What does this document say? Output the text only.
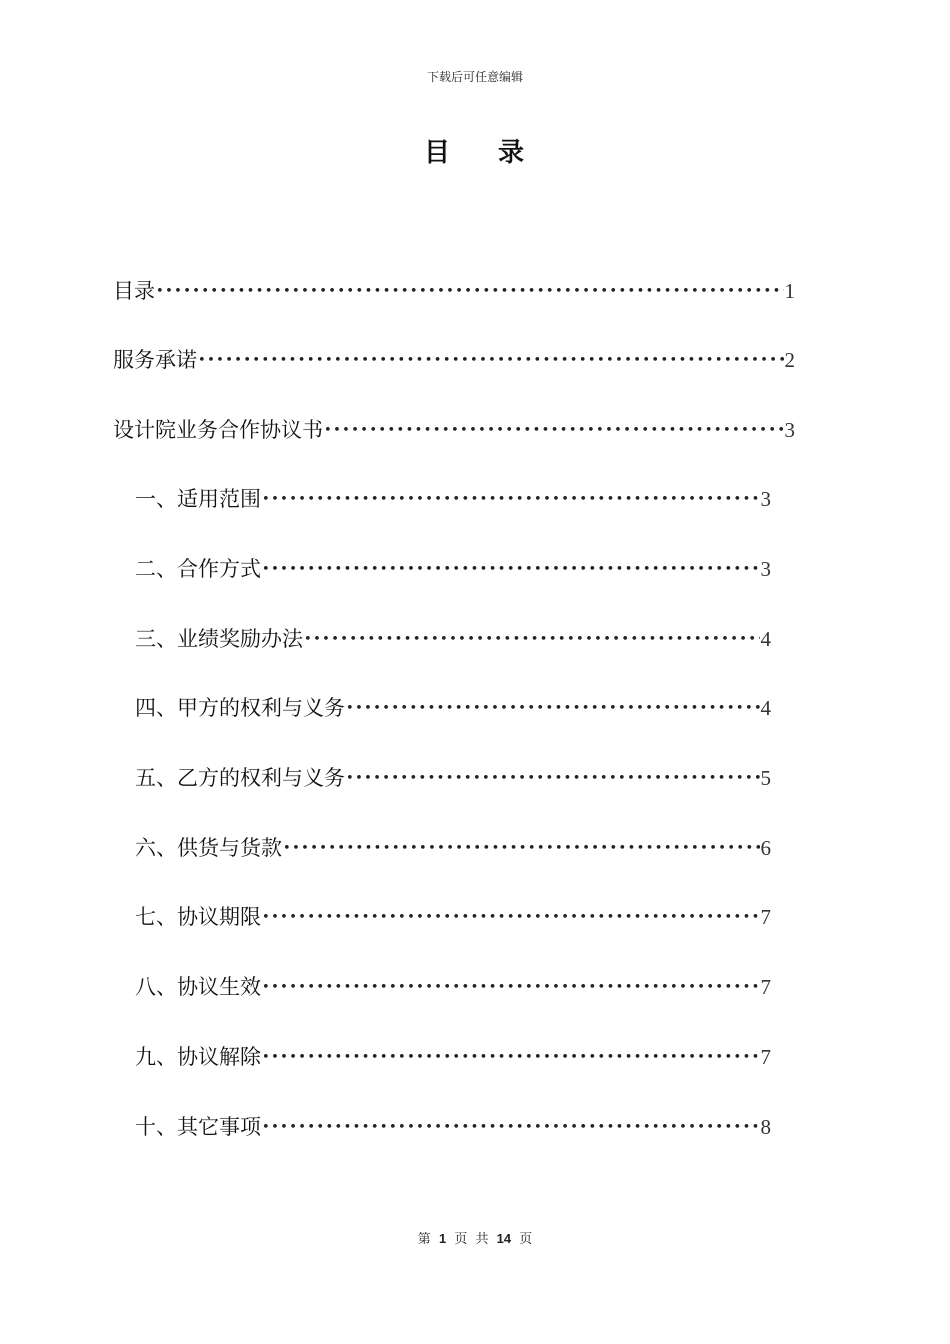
下载后可任意编辑
目 录
目录 •••••	1
服务承诺 •••••	2
设计院业务合作协议书 •••••	3
一、适用范围 •••••	3
二、合作方式 •••••	3
三、业绩奖励办法 •••••	4
四、甲方的权利与义务 •••••	4
五、乙方的权利与义务 •••••	5
六、供货与货款 •••••	6
七、协议期限 •••••	7
八、协议生效 •••••	7
九、协议解除 •••••	7
十、其它事项 •••••	8
第 1 页 共 14 页
